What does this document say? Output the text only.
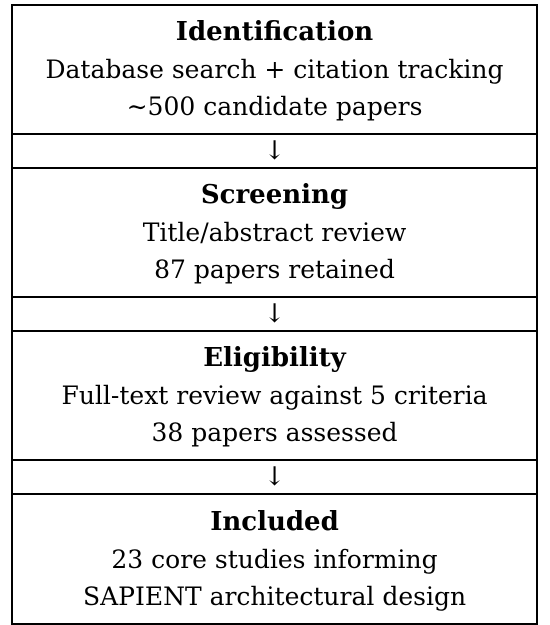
Identification
Database search + citation tracking
∼500 candidate papers
↓
Screening
Title/abstract review
87 papers retained
↓
Eligibility
Full-text review against 5 criteria
38 papers assessed
↓
Included
23 core studies informing
SAPIENT architectural design
